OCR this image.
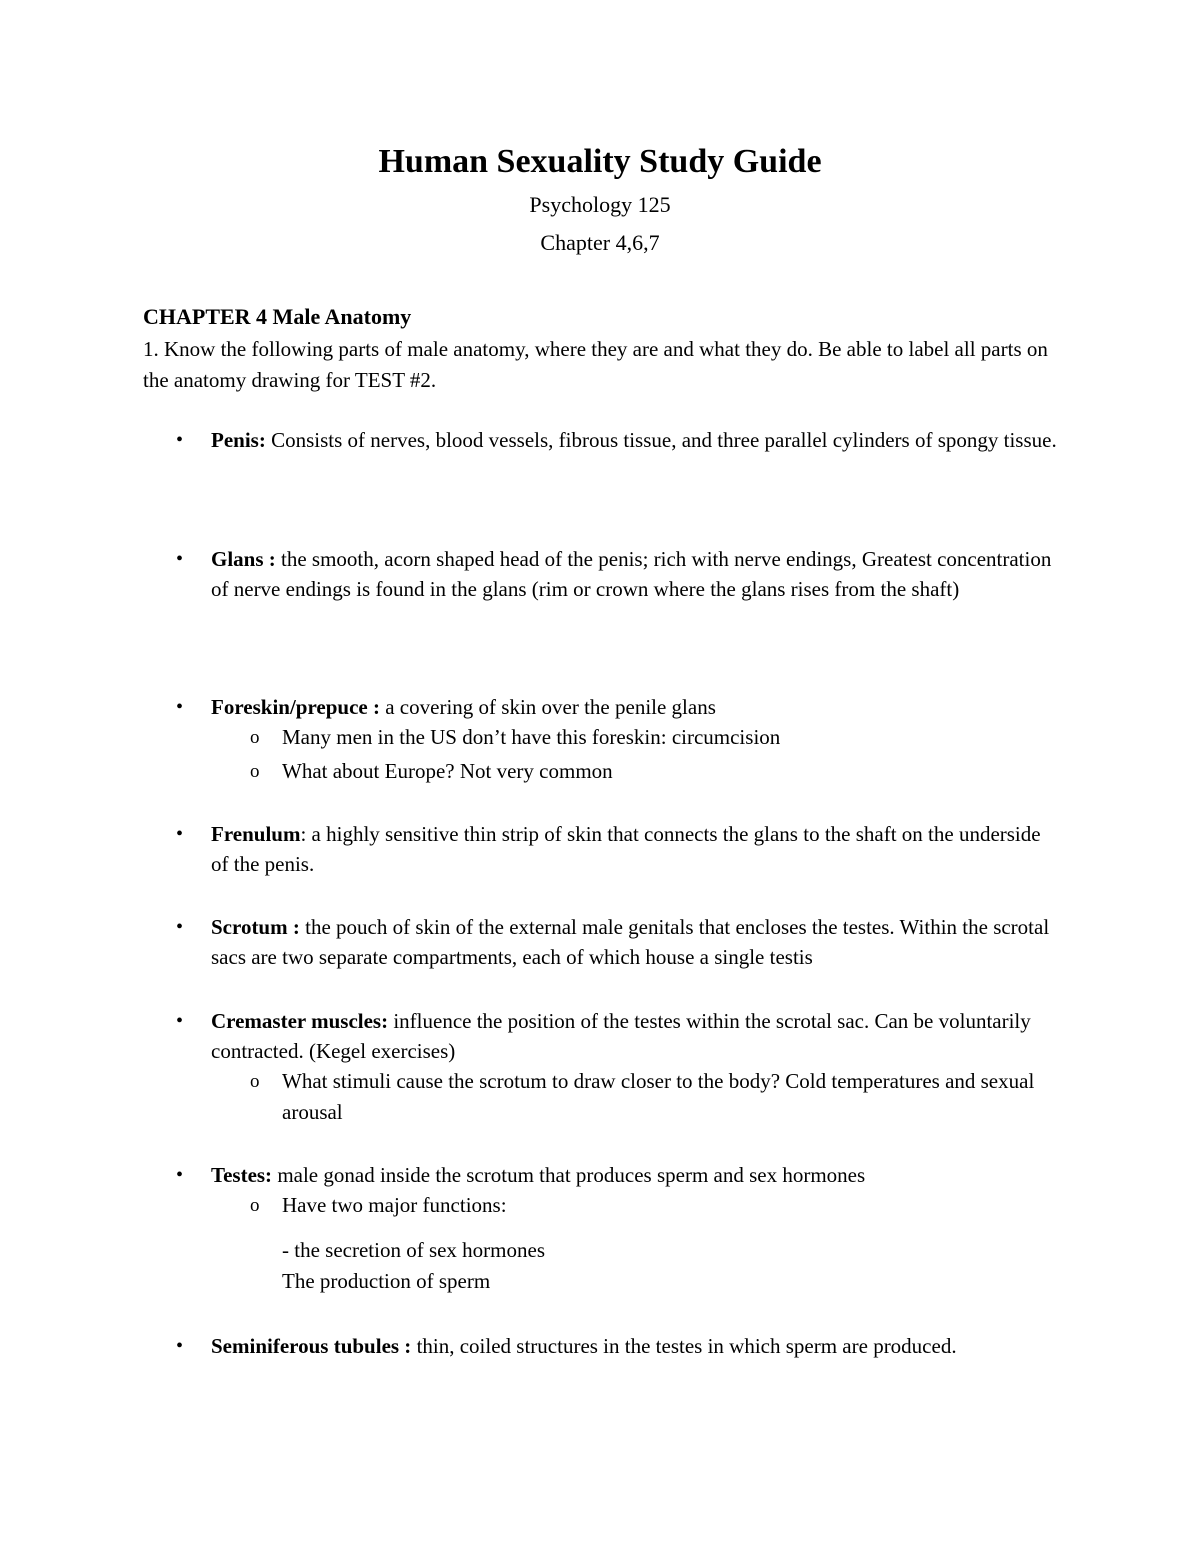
Human Sexuality Study Guide
Psychology 125
Chapter 4,6,7
CHAPTER 4 Male Anatomy
1. Know the following parts of male anatomy, where they are and what they do. Be able to label all parts on the anatomy drawing for TEST #2.
•	Penis: Consists of nerves, blood vessels, fibrous tissue, and three parallel cylinders of spongy tissue.
•	Glans : the smooth, acorn shaped head of the penis; rich with nerve endings, Greatest concentration of nerve endings is found in the glans (rim or crown where the glans rises from the shaft)
•	Foreskin/prepuce : a covering of skin over the penile glans
o Many men in the US don’t have this foreskin: circumcision
o What about Europe? Not very common
•	Frenulum: a highly sensitive thin strip of skin that connects the glans to the shaft on the underside of the penis.
•	Scrotum : the pouch of skin of the external male genitals that encloses the testes. Within the scrotal sacs are two separate compartments, each of which house a single testis
•	Cremaster muscles: influence the position of the testes within the scrotal sac. Can be voluntarily contracted. (Kegel exercises)
o What stimuli cause the scrotum to draw closer to the body? Cold temperatures and sexual arousal
•	Testes: male gonad inside the scrotum that produces sperm and sex hormones
o Have two major functions:
- the secretion of sex hormones
The production of sperm
•	Seminiferous tubules : thin, coiled structures in the testes in which sperm are produced.
